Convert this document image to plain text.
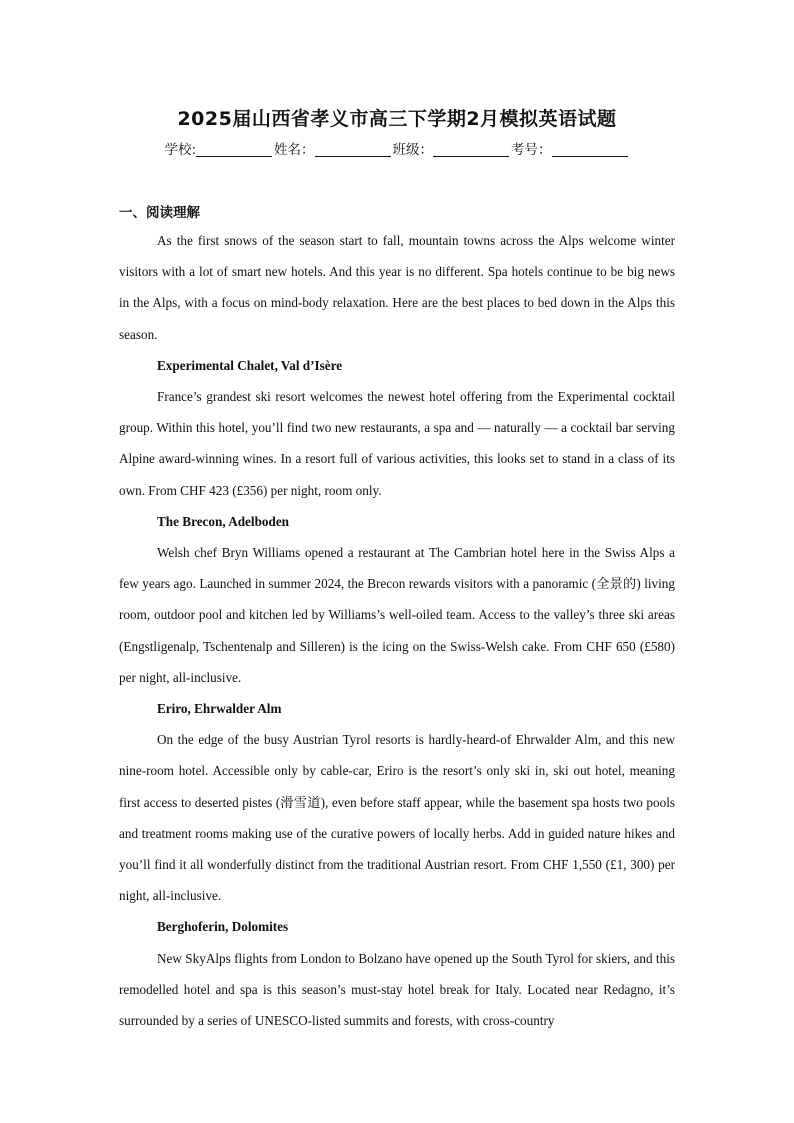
2025届山西省孝义市高三下学期2月模拟英语试题
学校:	姓名：	班级：	考号：
一、阅读理解

As the first snows of the season start to fall, mountain towns across the Alps welcome winter visitors with a lot of smart new hotels. And this year is no different. Spa hotels continue to be big news in the Alps, with a focus on mind-body relaxation. Here are the best places to bed down in the Alps this season.

Experimental Chalet, Val d’Isère

France’s grandest ski resort welcomes the newest hotel offering from the Experimental cocktail group. Within this hotel, you’ll find two new restaurants, a spa and — naturally — a cocktail bar serving Alpine award-winning wines. In a resort full of various activities, this looks set to stand in a class of its own. From CHF 423 (£356) per night, room only.

The Brecon, Adelboden

Welsh chef Bryn Williams opened a restaurant at The Cambrian hotel here in the Swiss Alps a few years ago. Launched in summer 2024, the Brecon rewards visitors with a panoramic (全景的) living room, outdoor pool and kitchen led by Williams’s well-oiled team. Access to the valley’s three ski areas (Engstligenalp, Tschentenalp and Silleren) is the icing on the Swiss-Welsh cake. From CHF 650 (£580) per night, all-inclusive.

Eriro, Ehrwalder Alm

On the edge of the busy Austrian Tyrol resorts is hardly-heard-of Ehrwalder Alm, and this new nine-room hotel. Accessible only by cable-car, Eriro is the resort’s only ski in, ski out hotel, meaning first access to deserted pistes (滑雪道), even before staff appear, while the basement spa hosts two pools and treatment rooms making use of the curative powers of locally herbs. Add in guided nature hikes and you’ll find it all wonderfully distinct from the traditional Austrian resort. From CHF 1,550 (£1, 300) per night, all-inclusive.

Berghoferin, Dolomites

New SkyAlps flights from London to Bolzano have opened up the South Tyrol for skiers, and this remodelled hotel and spa is this season’s must-stay hotel break for Italy. Located near Redagno, it’s surrounded by a series of UNESCO-listed summits and forests, with cross-country
